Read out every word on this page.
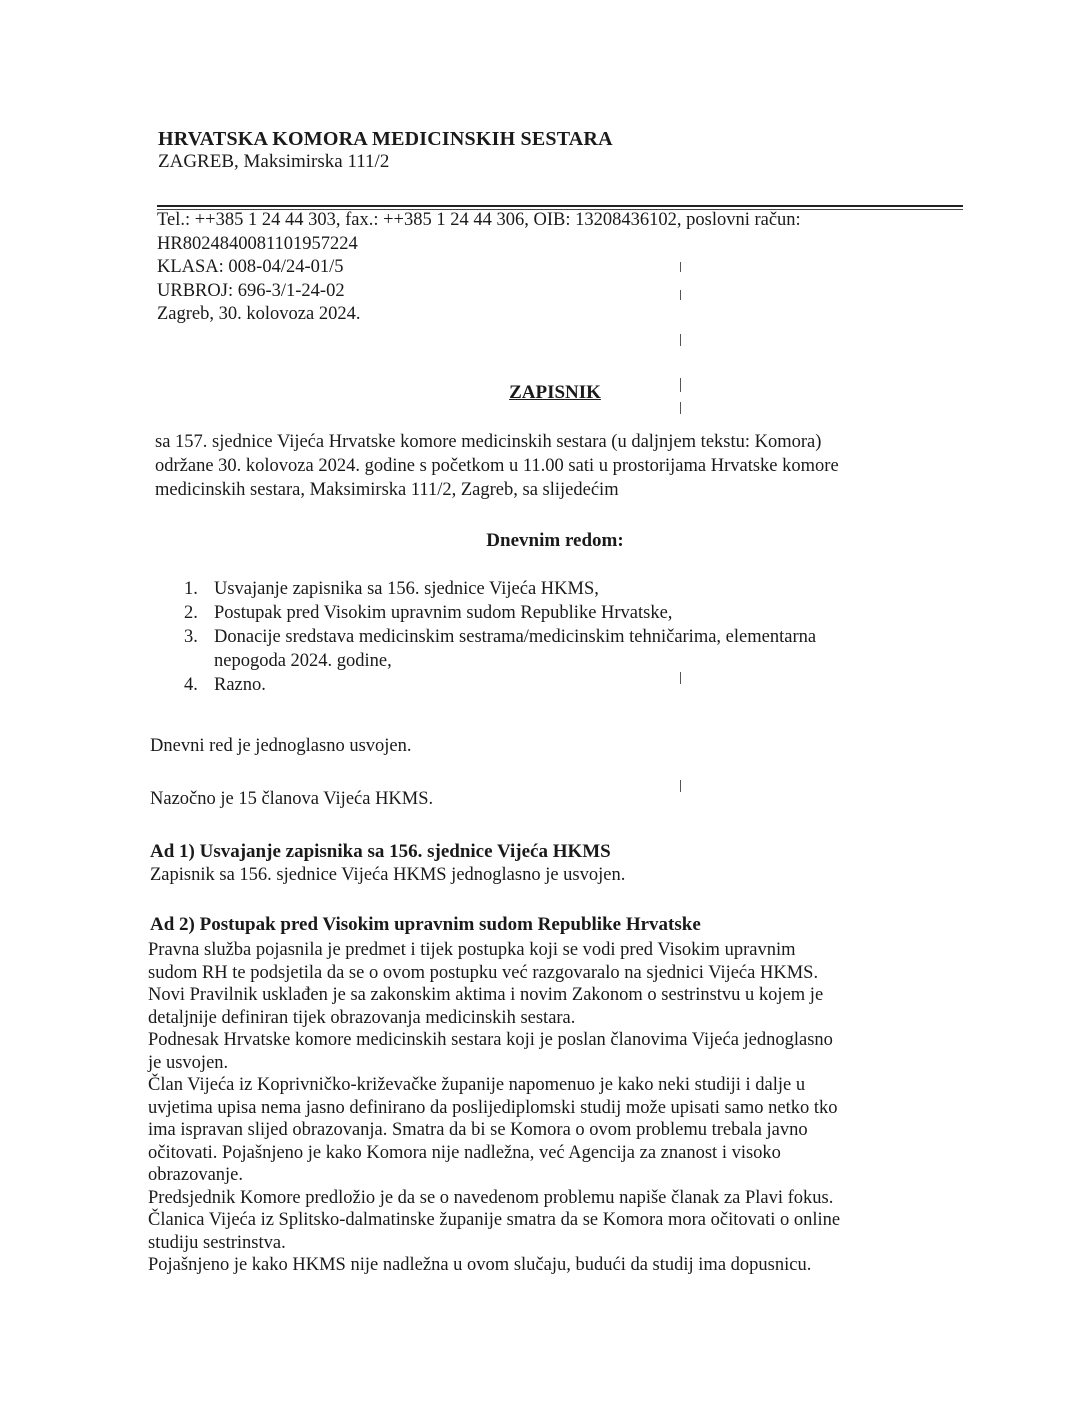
HRVATSKA KOMORA MEDICINSKIH SESTARA
ZAGREB, Maksimirska 111/2
Tel.: ++385 1 24 44 303, fax.: ++385 1 24 44 306, OIB: 13208436102, poslovni račun:
HR8024840081101957224
KLASA: 008-04/24-01/5
URBROJ: 696-3/1-24-02
Zagreb, 30. kolovoza 2024.
ZAPISNIK
sa 157. sjednice Vijeća Hrvatske komore medicinskih sestara (u daljnjem tekstu: Komora)
održane 30. kolovoza 2024. godine s početkom u 11.00 sati u prostorijama Hrvatske komore
medicinskih sestara, Maksimirska 111/2, Zagreb, sa slijedećim
Dnevnim redom:
1. Usvajanje zapisnika sa 156. sjednice Vijeća HKMS,
2. Postupak pred Visokim upravnim sudom Republike Hrvatske,
3. Donacije sredstava medicinskim sestrama/medicinskim tehničarima, elementarna
nepogoda 2024. godine,
4. Razno.
Dnevni red je jednoglasno usvojen.
Nazočno je 15 članova Vijeća HKMS.
Ad 1) Usvajanje zapisnika sa 156. sjednice Vijeća HKMS
Zapisnik sa 156. sjednice Vijeća HKMS jednoglasno je usvojen.
Ad 2) Postupak pred Visokim upravnim sudom Republike Hrvatske
Pravna služba pojasnila je predmet i tijek postupka koji se vodi pred Visokim upravnim
sudom RH te podsjetila da se o ovom postupku već razgovaralo na sjednici Vijeća HKMS.
Novi Pravilnik usklađen je sa zakonskim aktima i novim Zakonom o sestrinstvu u kojem je
detaljnije definiran tijek obrazovanja medicinskih sestara.
Podnesak Hrvatske komore medicinskih sestara koji je poslan članovima Vijeća jednoglasno
je usvojen.
Član Vijeća iz Koprivničko-križevačke županije napomenuo je kako neki studiji i dalje u
uvjetima upisa nema jasno definirano da poslijediplomski studij može upisati samo netko tko
ima ispravan slijed obrazovanja. Smatra da bi se Komora o ovom problemu trebala javno
očitovati. Pojašnjeno je kako Komora nije nadležna, već Agencija za znanost i visoko
obrazovanje.
Predsjednik Komore predložio je da se o navedenom problemu napiše članak za Plavi fokus.
Članica Vijeća iz Splitsko-dalmatinske županije smatra da se Komora mora očitovati o online
studiju sestrinstva.
Pojašnjeno je kako HKMS nije nadležna u ovom slučaju, budući da studij ima dopusnicu.
